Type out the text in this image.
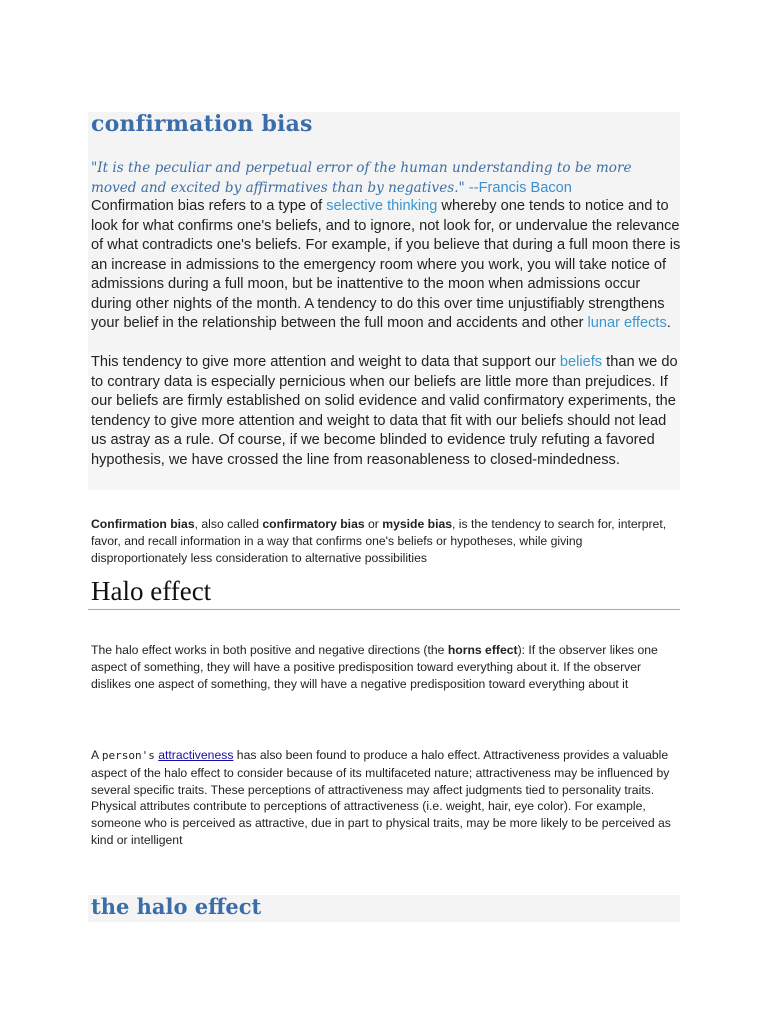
confirmation bias

"It is the peculiar and perpetual error of the human understanding to be more moved and excited by affirmatives than by negatives." --Francis Bacon

Confirmation bias refers to a type of selective thinking whereby one tends to notice and to look for what confirms one's beliefs, and to ignore, not look for, or undervalue the relevance of what contradicts one's beliefs. For example, if you believe that during a full moon there is an increase in admissions to the emergency room where you work, you will take notice of admissions during a full moon, but be inattentive to the moon when admissions occur during other nights of the month. A tendency to do this over time unjustifiably strengthens your belief in the relationship between the full moon and accidents and other lunar effects.

This tendency to give more attention and weight to data that support our beliefs than we do to contrary data is especially pernicious when our beliefs are little more than prejudices. If our beliefs are firmly established on solid evidence and valid confirmatory experiments, the tendency to give more attention and weight to data that fit with our beliefs should not lead us astray as a rule. Of course, if we become blinded to evidence truly refuting a favored hypothesis, we have crossed the line from reasonableness to closed-mindedness.

Confirmation bias, also called confirmatory bias or myside bias, is the tendency to search for, interpret, favor, and recall information in a way that confirms one's beliefs or hypotheses, while giving disproportionately less consideration to alternative possibilities

Halo effect

The halo effect works in both positive and negative directions (the horns effect): If the observer likes one aspect of something, they will have a positive predisposition toward everything about it. If the observer dislikes one aspect of something, they will have a negative predisposition toward everything about it

A person's attractiveness has also been found to produce a halo effect. Attractiveness provides a valuable aspect of the halo effect to consider because of its multifaceted nature; attractiveness may be influenced by several specific traits. These perceptions of attractiveness may affect judgments tied to personality traits. Physical attributes contribute to perceptions of attractiveness (i.e. weight, hair, eye color). For example, someone who is perceived as attractive, due in part to physical traits, may be more likely to be perceived as kind or intelligent

the halo effect
